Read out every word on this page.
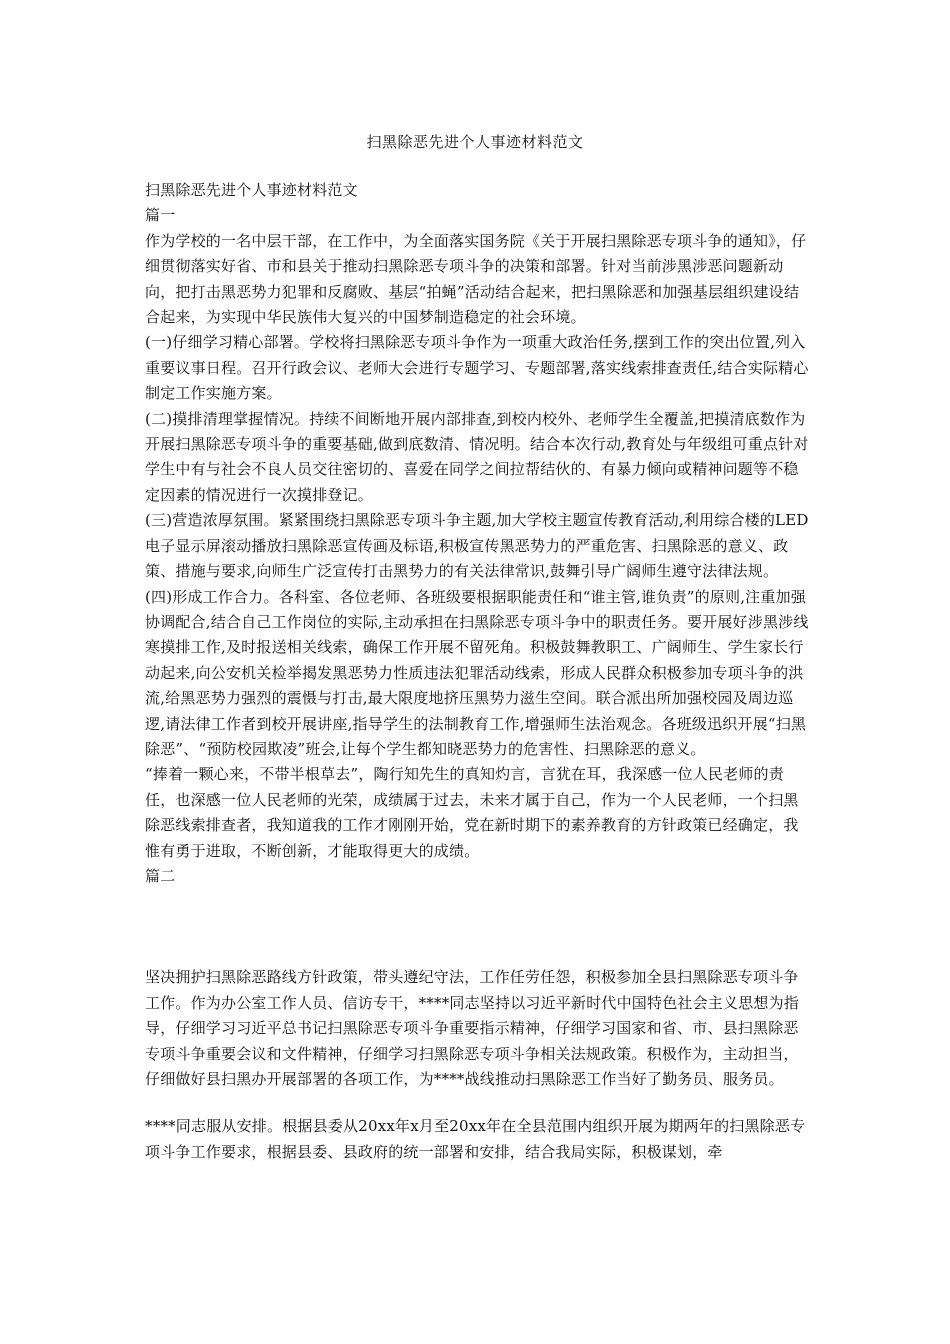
扫黑除恶先进个人事迹材料范文

扫黑除恶先进个人事迹材料范文

篇一

作为学校的一名中层干部，在工作中，为全面落实国务院《关于开展扫黑除恶专项斗争的通知》，仔细贯彻落实好省、市和县关于推动扫黑除恶专项斗争的决策和部署。针对当前涉黑涉恶问题新动向，把打击黑恶势力犯罪和反腐败、基层“拍蝇”活动结合起来，把扫黑除恶和加强基层组织建设结合起来，为实现中华民族伟大复兴的中国梦制造稳定的社会环境。

(一)仔细学习精心部署。学校将扫黑除恶专项斗争作为一项重大政治任务,摆到工作的突出位置,列入重要议事日程。召开行政会议、老师大会进行专题学习、专题部署,落实线索排查责任,结合实际精心制定工作实施方案。

(二)摸排清理掌握情况。持续不间断地开展内部排查,到校内校外、老师学生全覆盖,把摸清底数作为开展扫黑除恶专项斗争的重要基础,做到底数清、情况明。结合本次行动,教育处与年级组可重点针对学生中有与社会不良人员交往密切的、喜爱在同学之间拉帮结伙的、有暴力倾向或精神问题等不稳定因素的情况进行一次摸排登记。

(三)营造浓厚氛围。紧紧围绕扫黑除恶专项斗争主题,加大学校主题宣传教育活动,利用综合楼的LED电子显示屏滚动播放扫黑除恶宣传画及标语,积极宣传黑恶势力的严重危害、扫黑除恶的意义、政策、措施与要求,向师生广泛宣传打击黑势力的有关法律常识,鼓舞引导广阔师生遵守法律法规。

(四)形成工作合力。各科室、各位老师、各班级要根据职能责任和“谁主管,谁负责”的原则,注重加强协调配合,结合自己工作岗位的实际,主动承担在扫黑除恶专项斗争中的职责任务。要开展好涉黑涉线寒摸排工作,及时报送相关线索，确保工作开展不留死角。积极鼓舞教职工、广阔师生、学生家长行动起来,向公安机关检举揭发黑恶势力性质违法犯罪活动线索，形成人民群众积极参加专项斗争的洪流,给黑恶势力强烈的震慑与打击,最大限度地挤压黑势力滋生空间。联合派出所加强校园及周边巡逻,请法律工作者到校开展讲座,指导学生的法制教育工作,增强师生法治观念。各班级迅织开展“扫黑除恶”、“预防校园欺凌”班会,让每个学生都知晓恶势力的危害性、扫黑除恶的意义。

“捧着一颗心来，不带半根草去”，陶行知先生的真知灼言，言犹在耳，我深感一位人民老师的责任，也深感一位人民老师的光荣，成绩属于过去，未来才属于自己，作为一个人民老师，一个扫黑除恶线索排查者，我知道我的工作才刚刚开始，党在新时期下的素养教育的方针政策已经确定，我惟有勇于进取，不断创新，才能取得更大的成绩。

篇二

坚决拥护扫黑除恶路线方针政策，带头遵纪守法，工作任劳任怨，积极参加全县扫黑除恶专项斗争工作。作为办公室工作人员、信访专干，****同志坚持以习近平新时代中国特色社会主义思想为指导，仔细学习习近平总书记扫黑除恶专项斗争重要指示精神，仔细学习国家和省、市、县扫黑除恶专项斗争重要会议和文件精神，仔细学习扫黑除恶专项斗争相关法规政策。积极作为，主动担当，仔细做好县扫黑办开展部署的各项工作，为****战线推动扫黑除恶工作当好了勤务员、服务员。

****同志服从安排。根据县委从20xx年x月至20xx年在全县范围内组织开展为期两年的扫黑除恶专项斗争工作要求，根据县委、县政府的统一部署和安排，结合我局实际，积极谋划，牵
